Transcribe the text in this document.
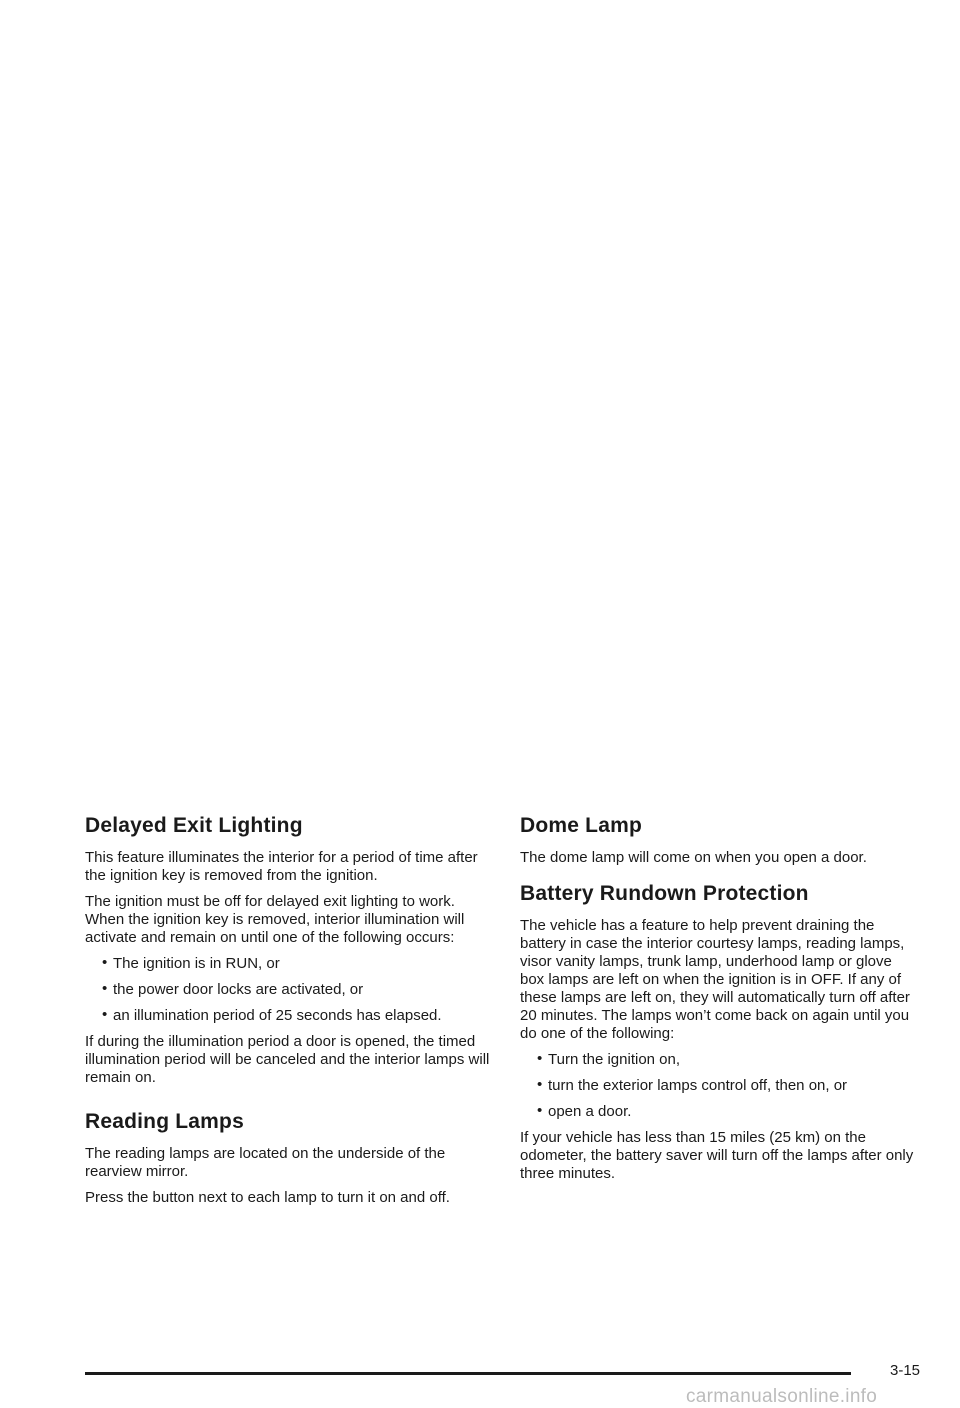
Delayed Exit Lighting

This feature illuminates the interior for a period of time after the ignition key is removed from the ignition.

The ignition must be off for delayed exit lighting to work. When the ignition key is removed, interior illumination will activate and remain on until one of the following occurs:

• The ignition is in RUN, or
• the power door locks are activated, or
• an illumination period of 25 seconds has elapsed.

If during the illumination period a door is opened, the timed illumination period will be canceled and the interior lamps will remain on.

Reading Lamps

The reading lamps are located on the underside of the rearview mirror.

Press the button next to each lamp to turn it on and off.

Dome Lamp

The dome lamp will come on when you open a door.

Battery Rundown Protection

The vehicle has a feature to help prevent draining the battery in case the interior courtesy lamps, reading lamps, visor vanity lamps, trunk lamp, underhood lamp or glove box lamps are left on when the ignition is in OFF. If any of these lamps are left on, they will automatically turn off after 20 minutes. The lamps won’t come back on again until you do one of the following:

• Turn the ignition on,
• turn the exterior lamps control off, then on, or
• open a door.

If your vehicle has less than 15 miles (25 km) on the odometer, the battery saver will turn off the lamps after only three minutes.

3-15
carmanualsonline.info
